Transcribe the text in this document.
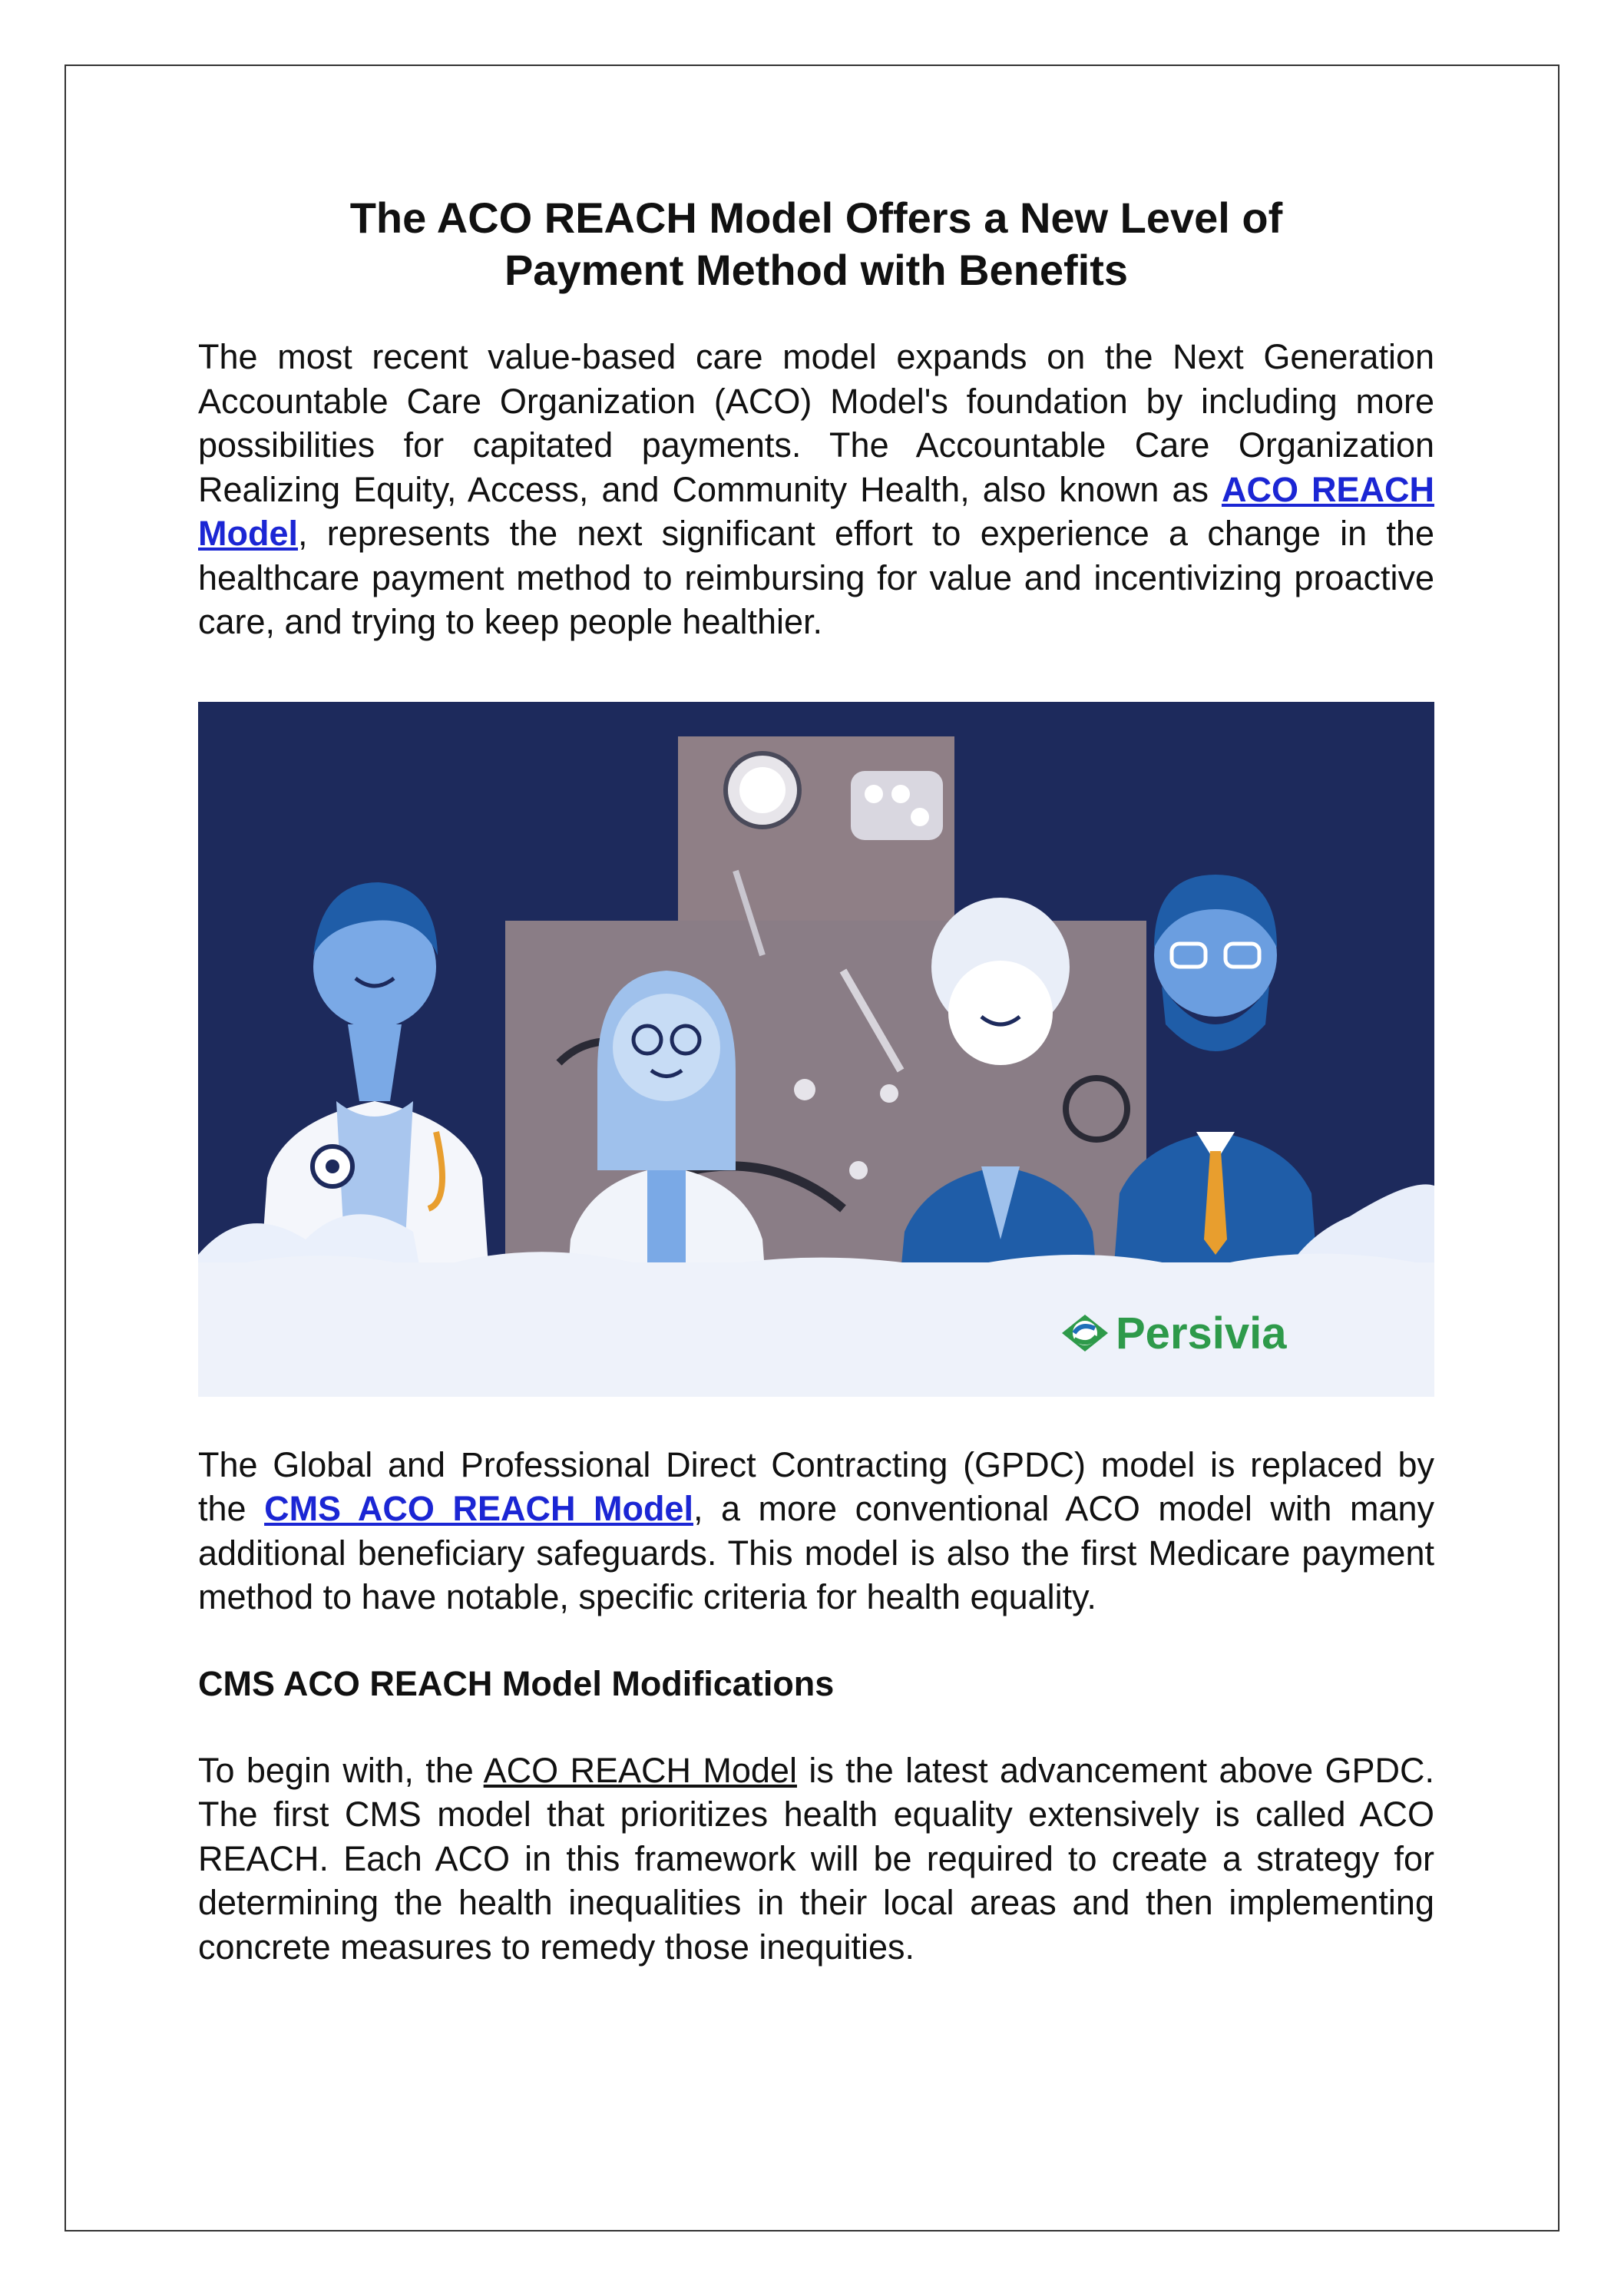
The ACO REACH Model Offers a New Level of
Payment Method with Benefits

The most recent value-based care model expands on the Next Generation Accountable Care Organization (ACO) Model's foundation by including more possibilities for capitated payments. The Accountable Care Organization Realizing Equity, Access, and Community Health, also known as ACO REACH Model, represents the next significant effort to experience a change in the healthcare payment method to reimbursing for value and incentivizing proactive care, and trying to keep people healthier.

Persivia

The Global and Professional Direct Contracting (GPDC) model is replaced by the CMS ACO REACH Model, a more conventional ACO model with many additional beneficiary safeguards. This model is also the first Medicare payment method to have notable, specific criteria for health equality.

CMS ACO REACH Model Modifications

To begin with, the ACO REACH Model is the latest advancement above GPDC. The first CMS model that prioritizes health equality extensively is called ACO REACH. Each ACO in this framework will be required to create a strategy for determining the health inequalities in their local areas and then implementing concrete measures to remedy those inequities.
